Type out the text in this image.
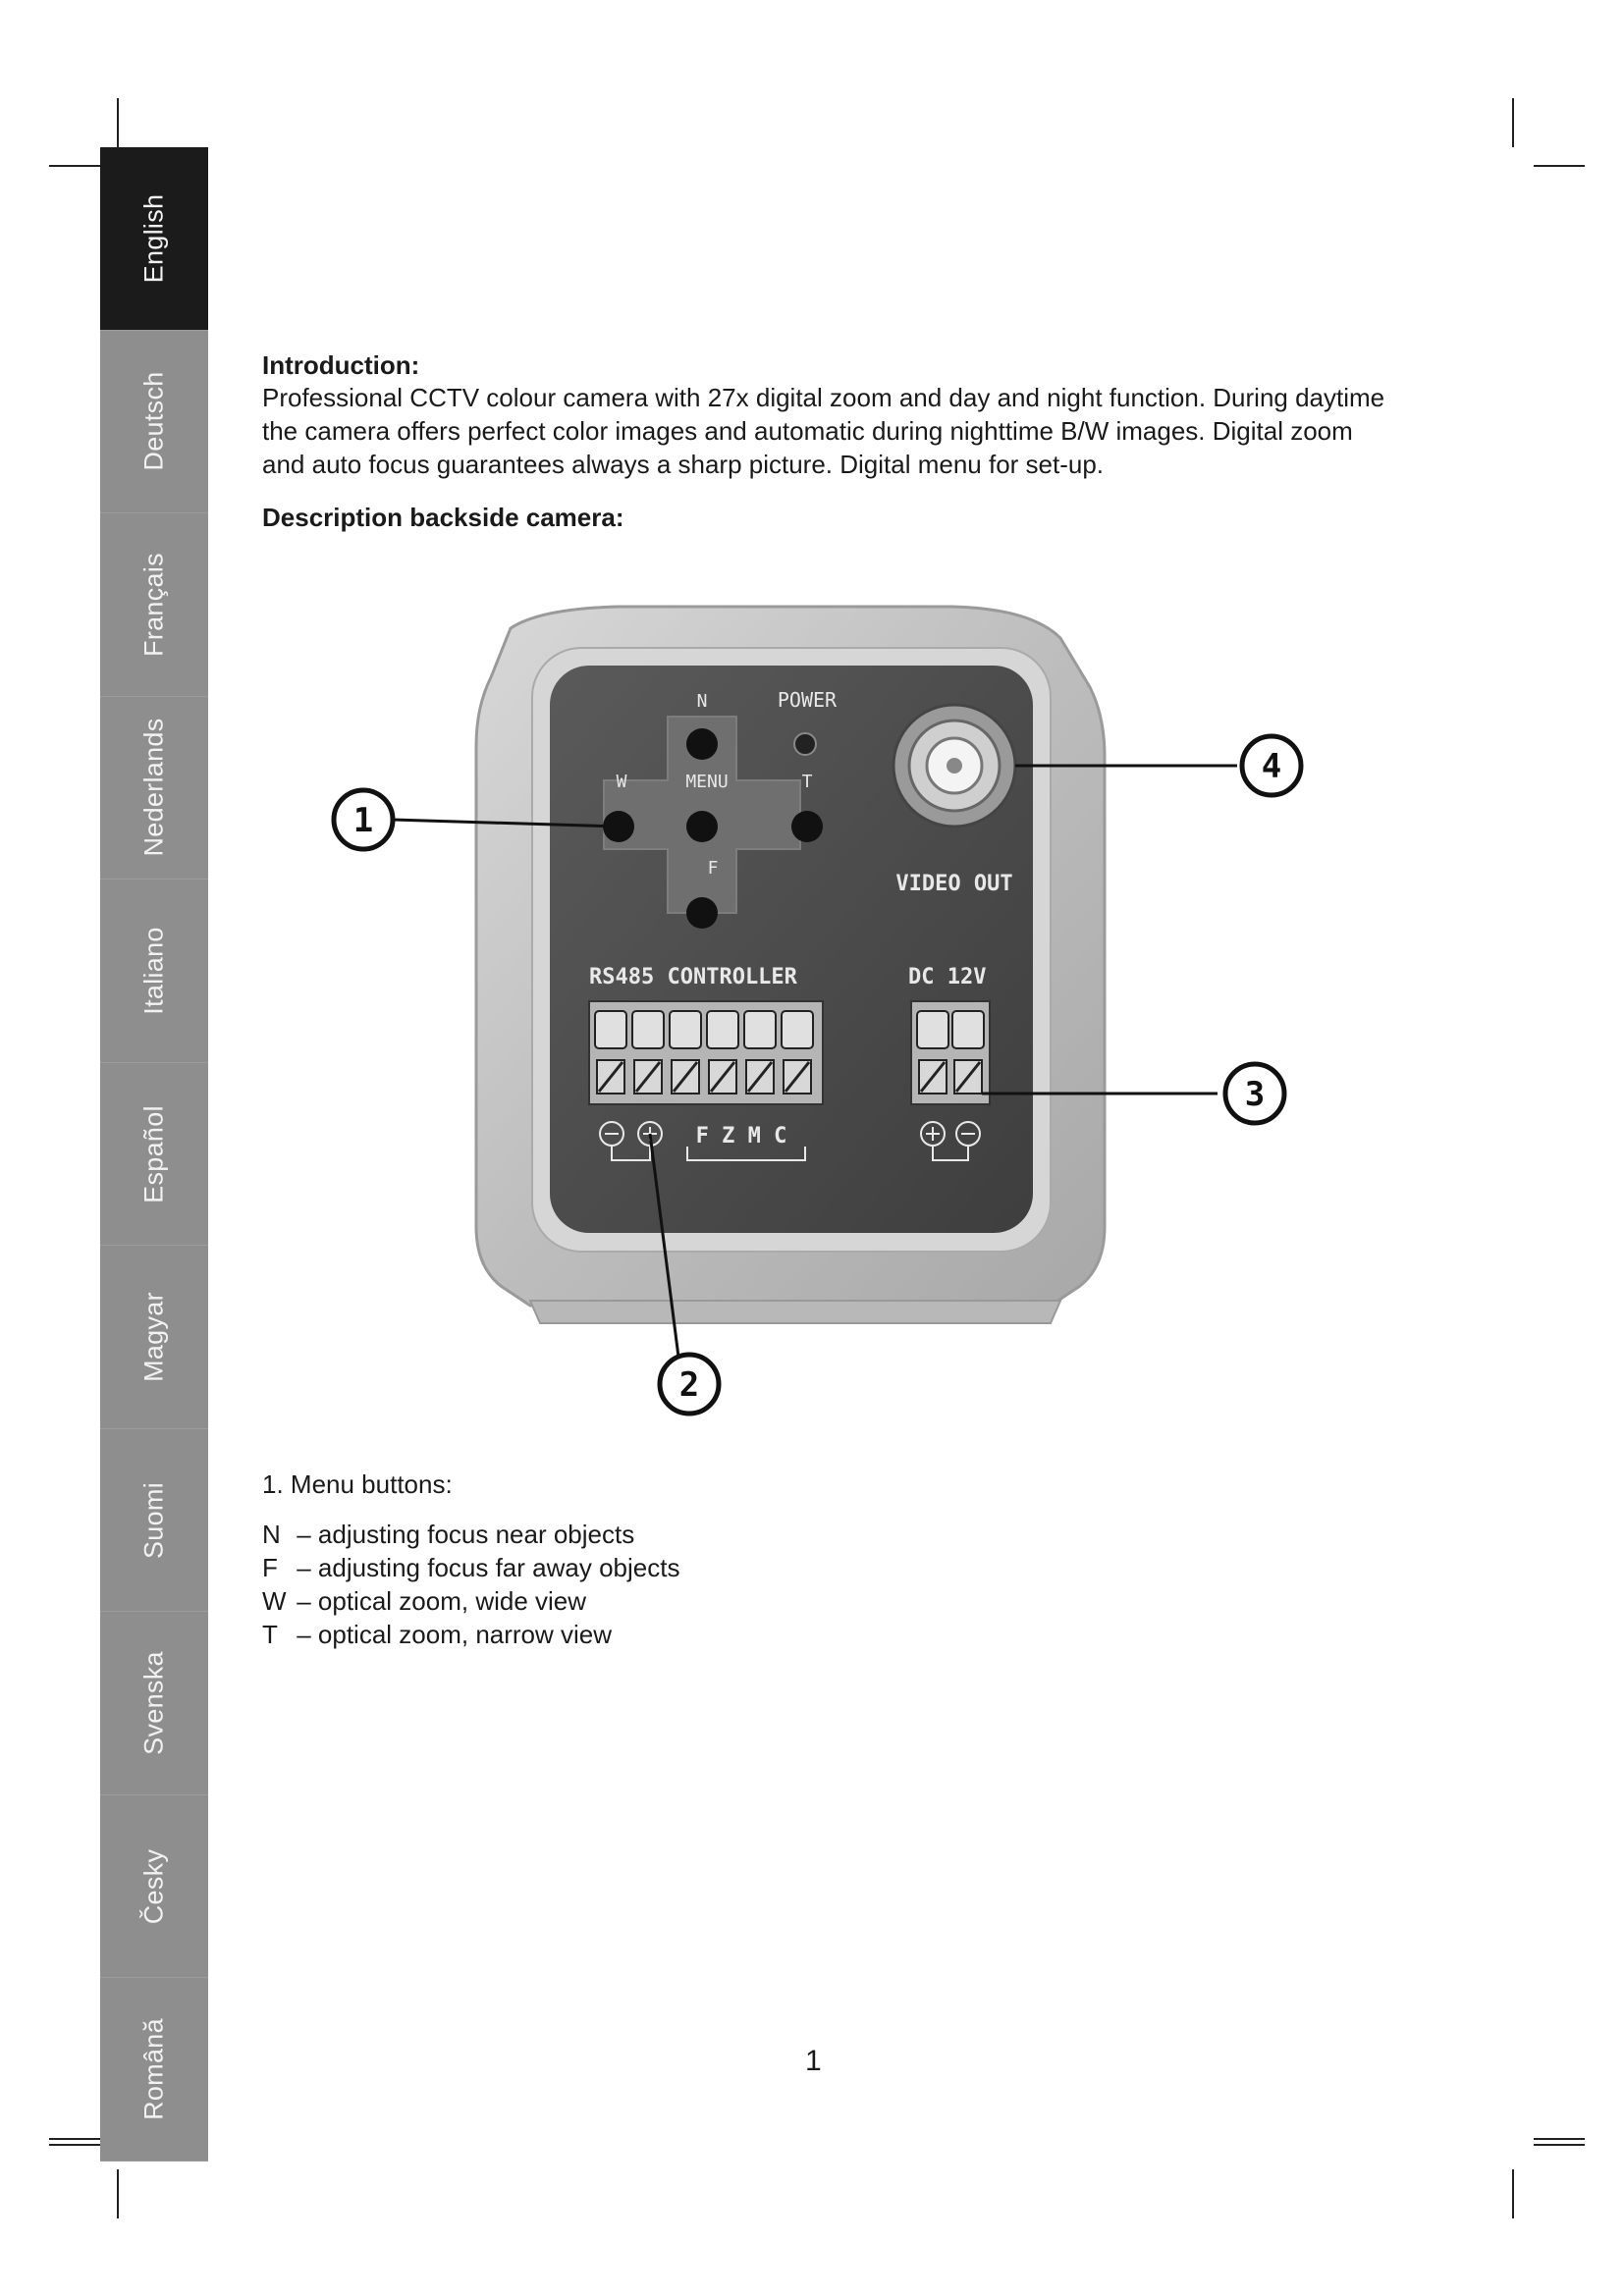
English
Deutsch
Français
Nederlands
Italiano
Español
Magyar
Suomi
Svenska
Česky
Română
Introduction:

Professional CCTV colour camera with 27x digital zoom and day and night function. During daytime the camera offers perfect color images and automatic during nighttime B/W images. Digital zoom and auto focus guarantees always a sharp picture. Digital menu for set-up.

Description backside camera:
N
W	MENU	T
F
POWER
VIDEO OUT
RS485 CONTROLLER	DC 12V
F Z M C
1
2
3
4

1. Menu buttons:

N – adjusting focus near objects
F – adjusting focus far away objects
W – optical zoom, wide view
T – optical zoom, narrow view
1
